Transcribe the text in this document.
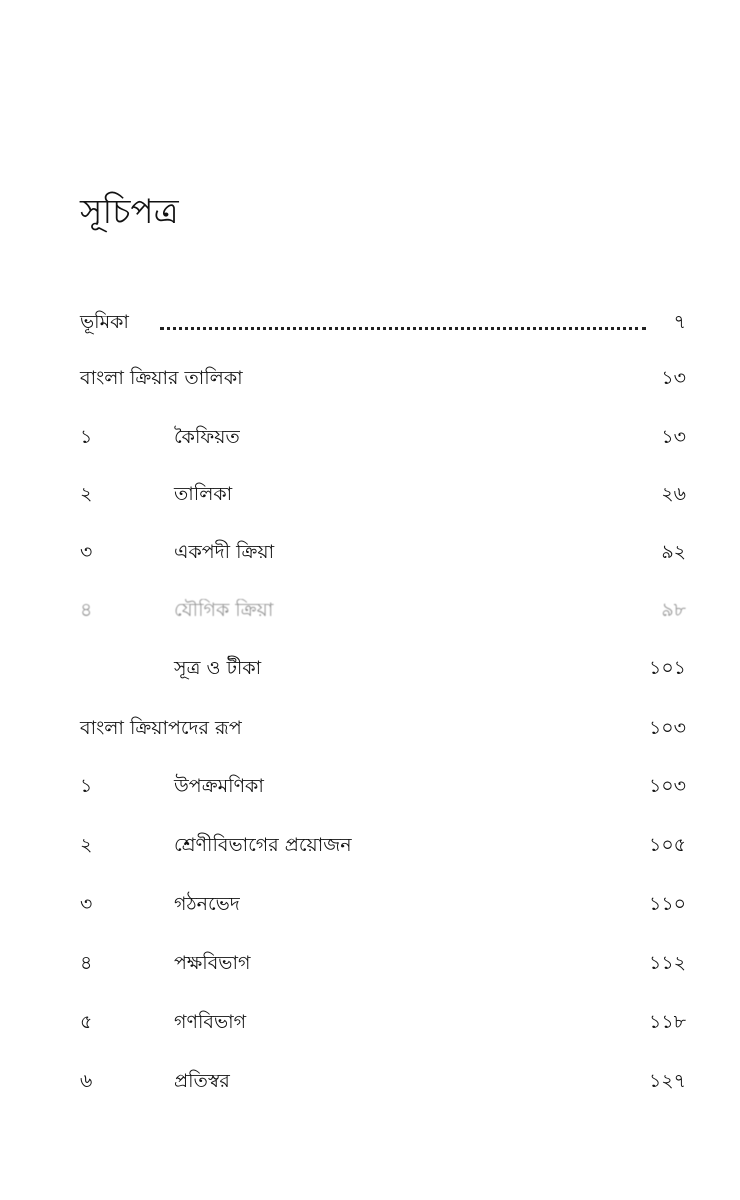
সূচিপত্র
ভূমিকা	৭
বাংলা ক্রিয়ার তালিকা	১৩
১	কৈফিয়ত	১৩
২	তালিকা	২৬
৩	একপদী ক্রিয়া	৯২
৪	যৌগিক ক্রিয়া	৯৮
সূত্র ও টীকা	১০১
বাংলা ক্রিয়াপদের রূপ	১০৩
১	উপক্রমণিকা	১০৩
২	শ্রেণীবিভাগের প্রয়োজন	১০৫
৩	গঠনভেদ	১১০
৪	পক্ষবিভাগ	১১২
৫	গণবিভাগ	১১৮
৬	প্রতিস্বর	১২৭
